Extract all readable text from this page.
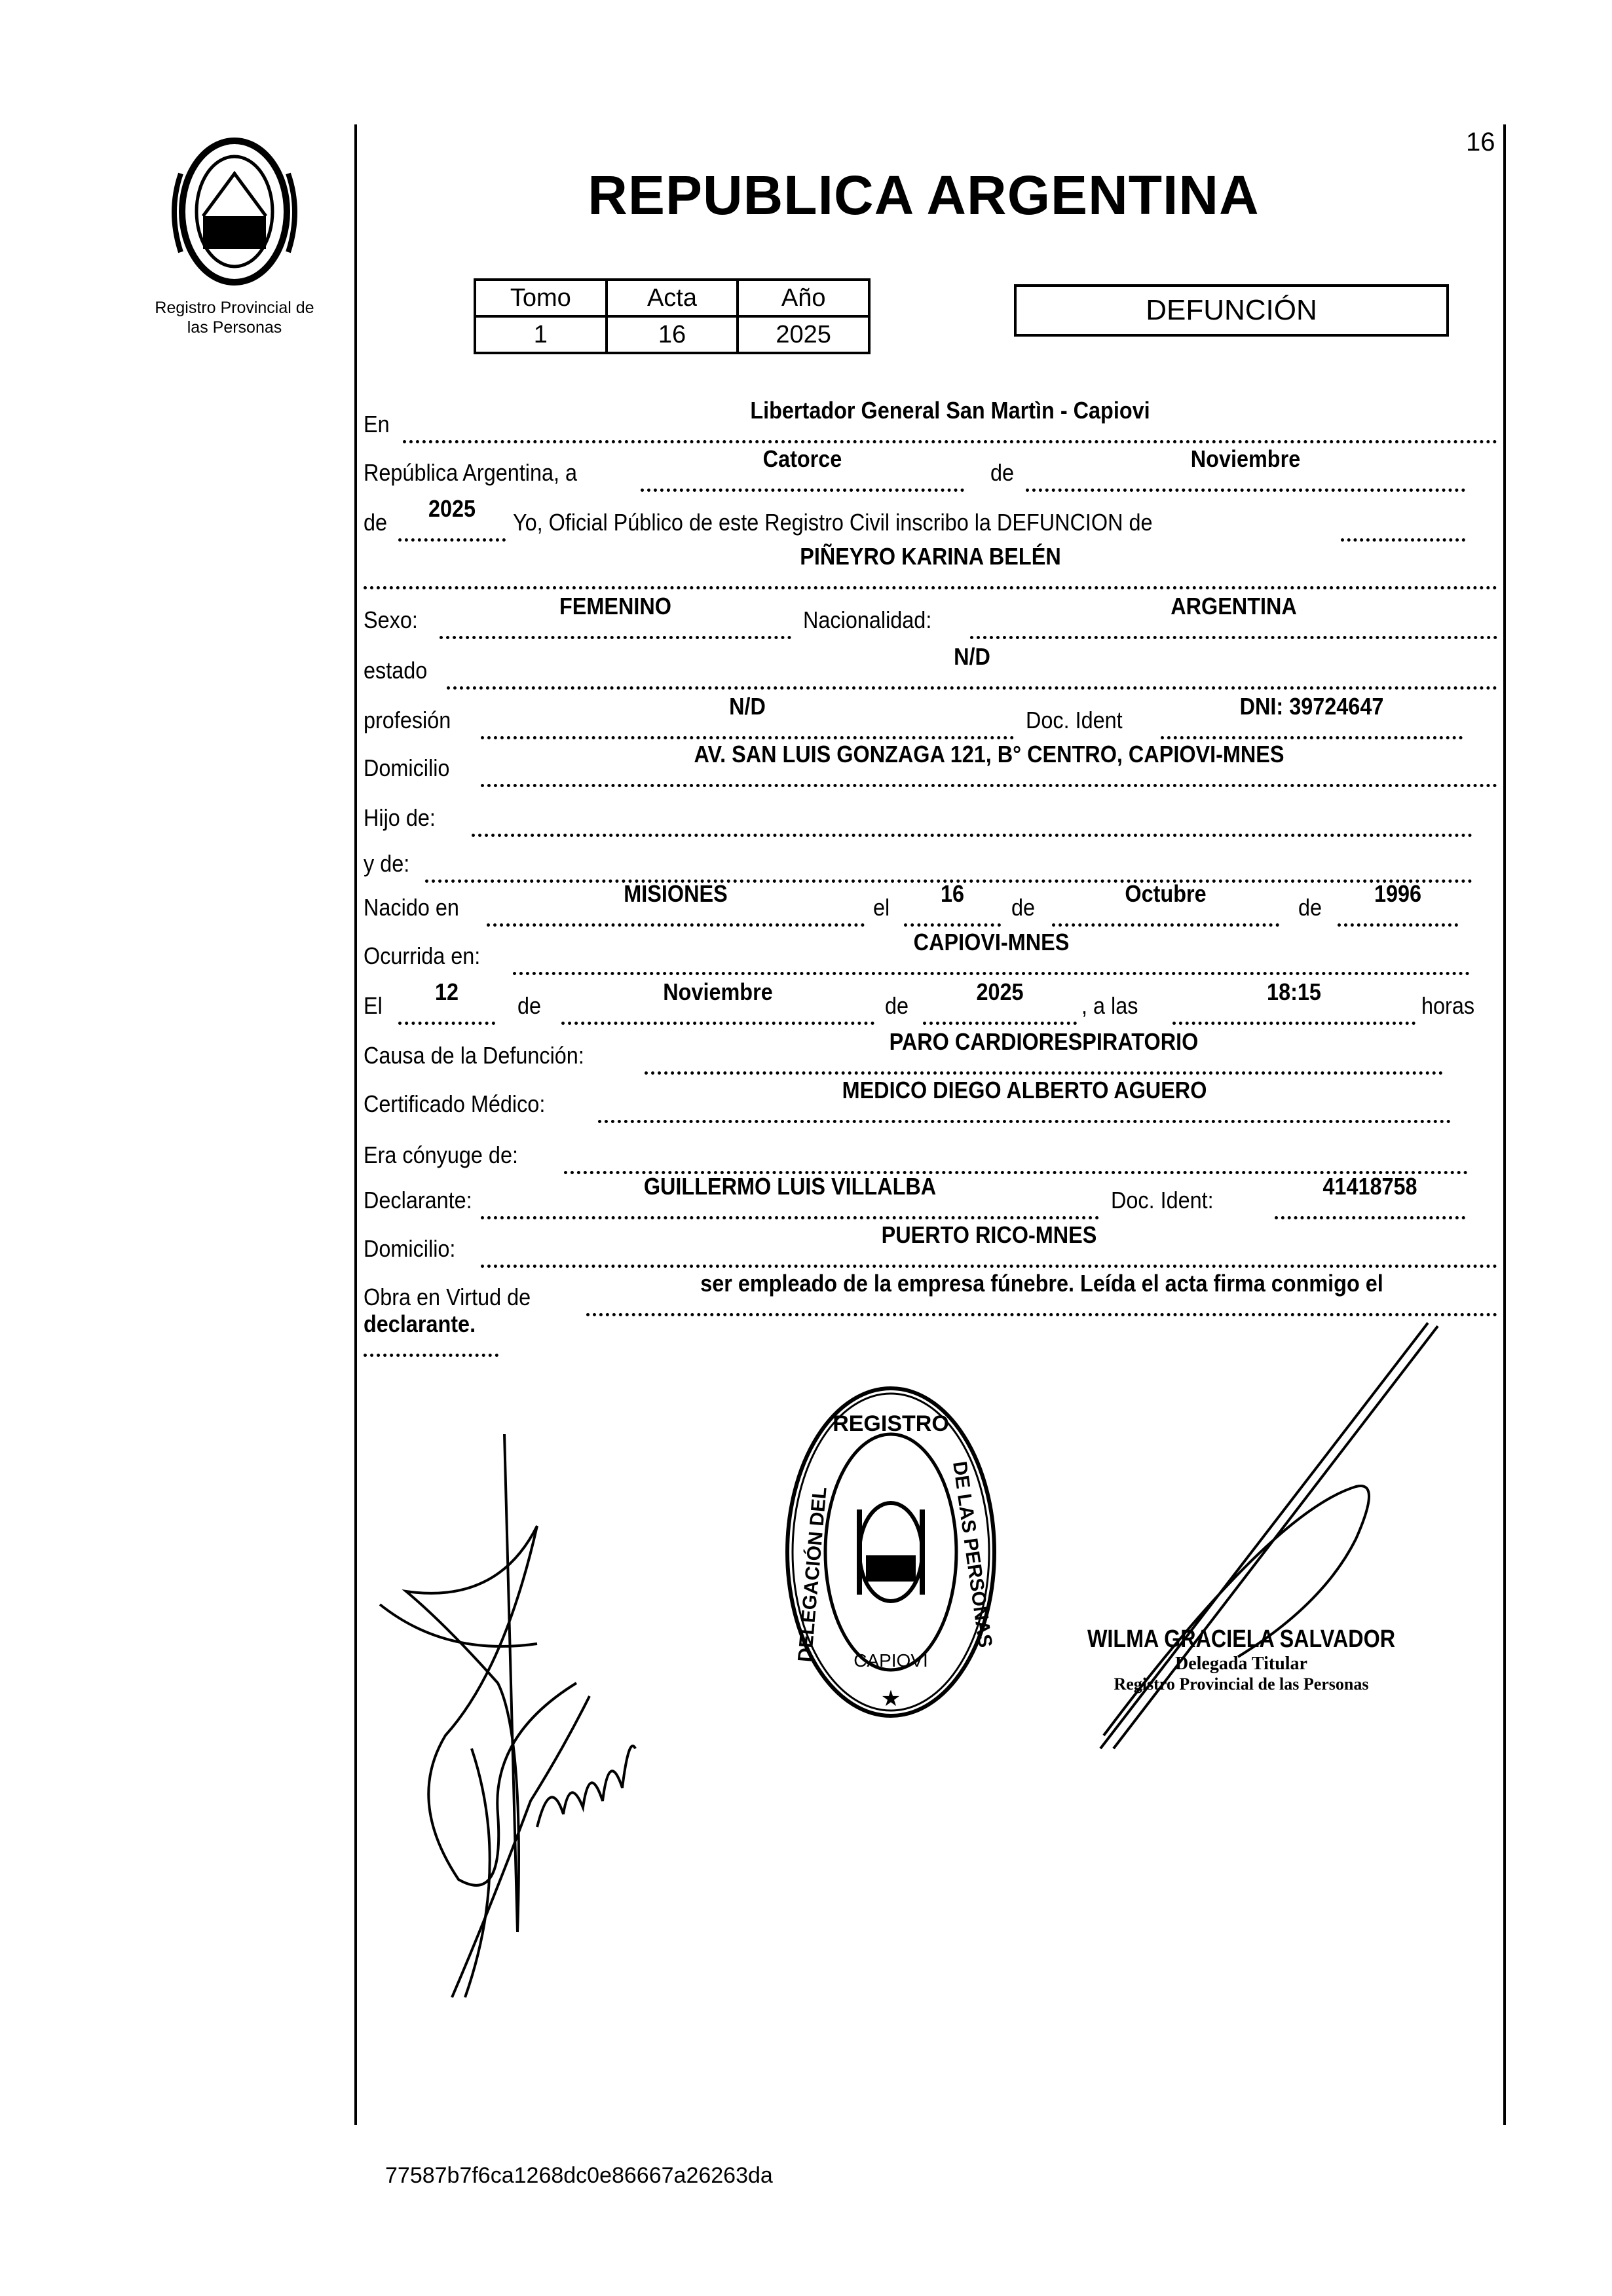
Registro Provincial de
las Personas
16
REPUBLICA ARGENTINA
Tomo	Acta	Año
1	16	2025
DEFUNCIÓN
En
Libertador General San Martìn - Capiovi
República Argentina, a
Catorce
de
Noviembre
de
2025
Yo, Oficial Público de este Registro Civil inscribo la DEFUNCION de
PIÑEYRO KARINA BELÉN
Sexo:
FEMENINO
Nacionalidad:
ARGENTINA
estado
N/D
profesión
N/D
Doc. Ident
DNI: 39724647
Domicilio
AV. SAN LUIS GONZAGA 121, B° CENTRO, CAPIOVI-MNES
Hijo de:
y de:
Nacido en
MISIONES
el
16
de
Octubre
de
1996
Ocurrida en:
CAPIOVI-MNES
El
12
de
Noviembre
de
2025
, a las
18:15
horas
Causa de la Defunción:
PARO CARDIORESPIRATORIO
Certificado Médico:
MEDICO DIEGO ALBERTO AGUERO
Era cónyuge de:
Declarante:
GUILLERMO LUIS VILLALBA
Doc. Ident:
41418758
Domicilio:
PUERTO RICO-MNES
Obra en Virtud de
ser empleado de la empresa fúnebre. Leída el acta firma conmigo el
declarante.
REGISTRO
DELEGACIÓN DEL	DE LAS PERSONAS
CAPIOVI
★
WILMA GRACIELA SALVADOR
Delegada Titular
Registro Provincial de las Personas
77587b7f6ca1268dc0e86667a26263da
